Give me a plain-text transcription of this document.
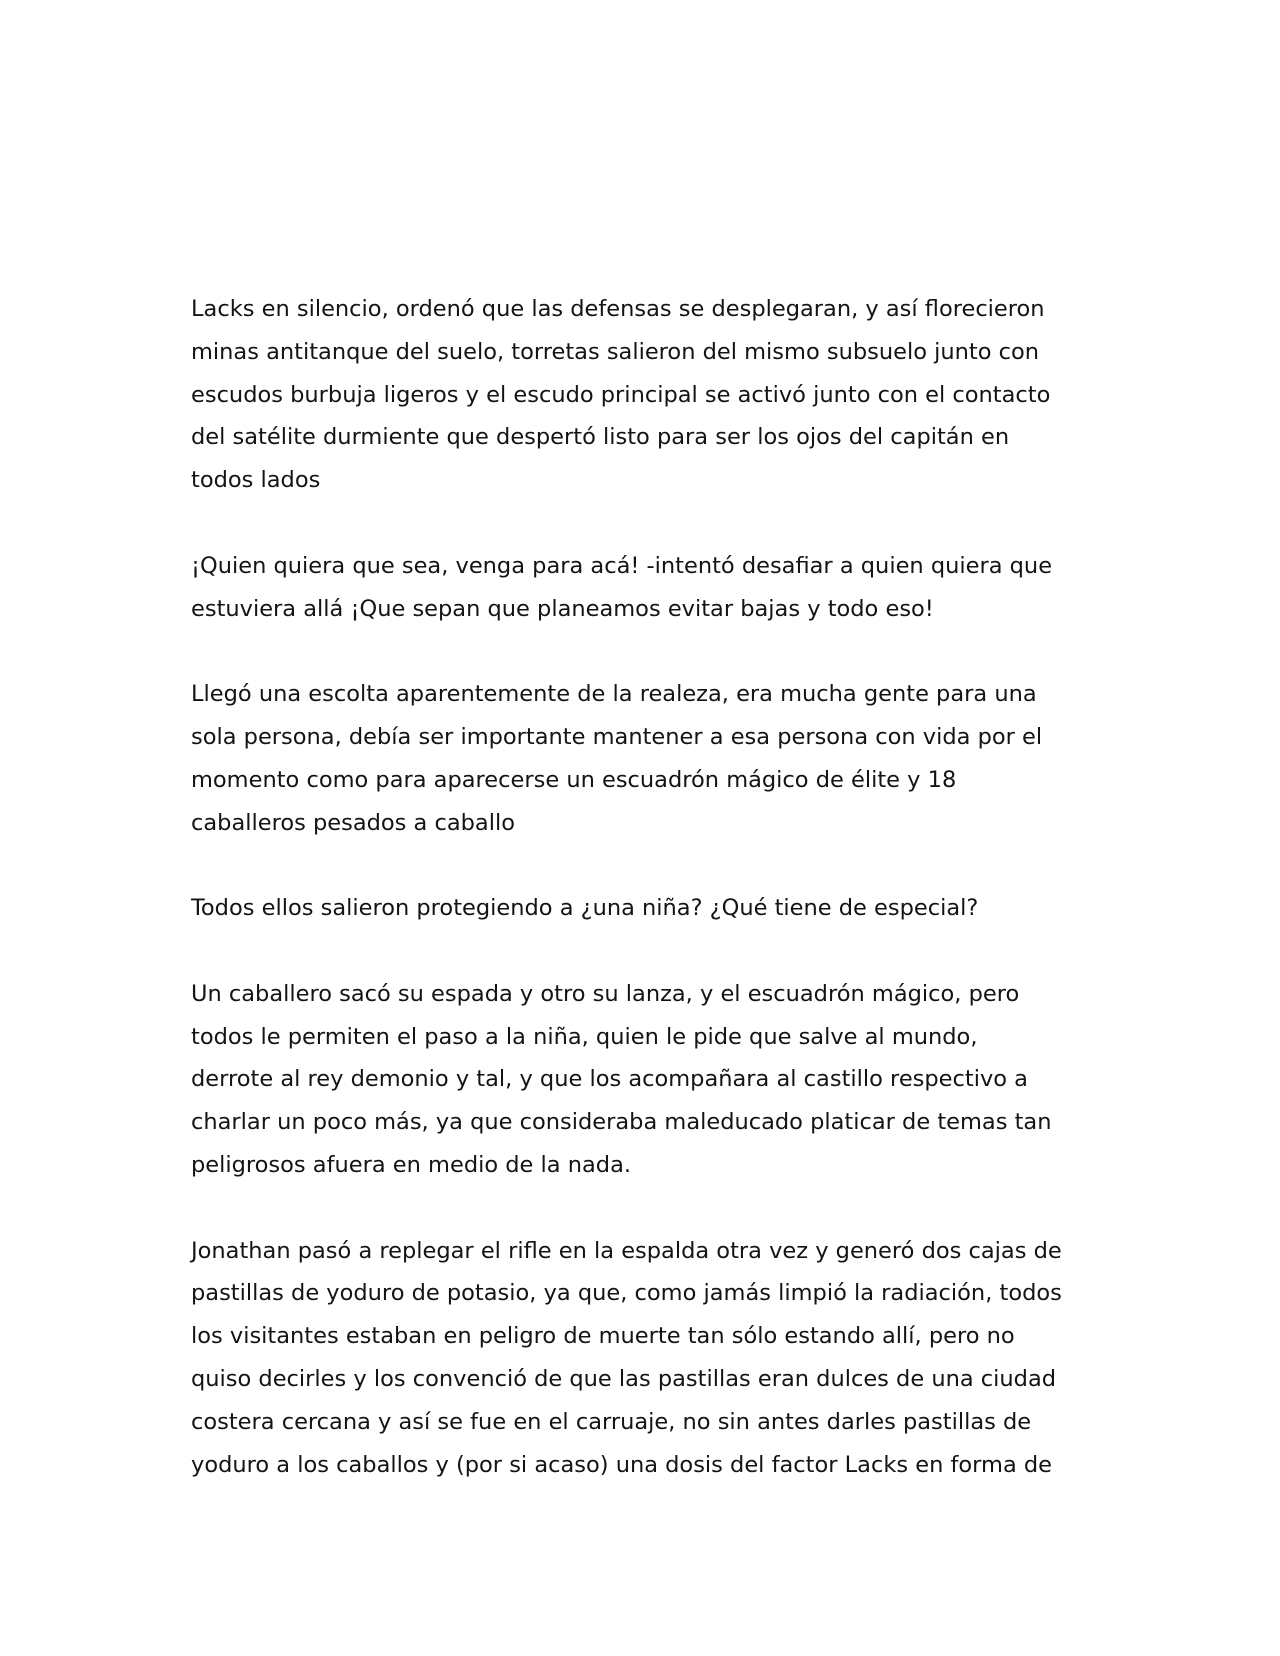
Lacks en silencio, ordenó que las defensas se desplegaran, y así florecieron
minas antitanque del suelo, torretas salieron del mismo subsuelo junto con
escudos burbuja ligeros y el escudo principal se activó junto con el contacto
del satélite durmiente que despertó listo para ser los ojos del capitán en
todos lados
¡Quien quiera que sea, venga para acá! -intentó desafiar a quien quiera que
estuviera allá ¡Que sepan que planeamos evitar bajas y todo eso!
Llegó una escolta aparentemente de la realeza, era mucha gente para una
sola persona, debía ser importante mantener a esa persona con vida por el
momento como para aparecerse un escuadrón mágico de élite y 18
caballeros pesados a caballo
Todos ellos salieron protegiendo a ¿una niña? ¿Qué tiene de especial?
Un caballero sacó su espada y otro su lanza, y el escuadrón mágico, pero
todos le permiten el paso a la niña, quien le pide que salve al mundo,
derrote al rey demonio y tal, y que los acompañara al castillo respectivo a
charlar un poco más, ya que consideraba maleducado platicar de temas tan
peligrosos afuera en medio de la nada.
Jonathan pasó a replegar el rifle en la espalda otra vez y generó dos cajas de
pastillas de yoduro de potasio, ya que, como jamás limpió la radiación, todos
los visitantes estaban en peligro de muerte tan sólo estando allí, pero no
quiso decirles y los convenció de que las pastillas eran dulces de una ciudad
costera cercana y así se fue en el carruaje, no sin antes darles pastillas de
yoduro a los caballos y (por si acaso) una dosis del factor Lacks en forma de
